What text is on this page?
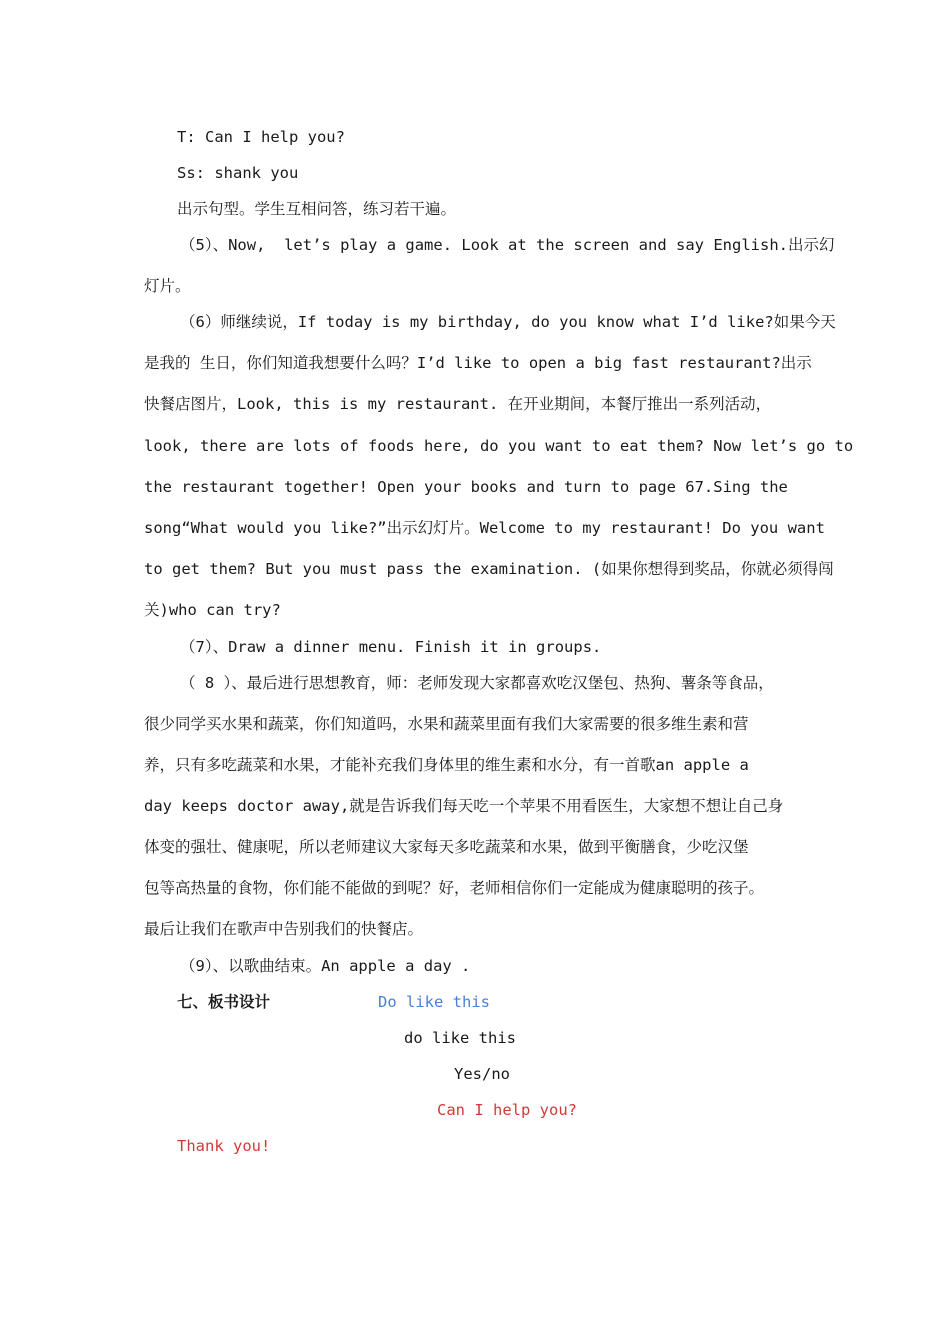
T: Can I help you?
Ss: shank you
出示句型。学生互相问答，练习若干遍。
（5）、Now,  let’s play a game. Look at the screen and say English.出示幻
灯片。
（6）师继续说，If today is my birthday, do you know what I’d like?如果今天
是我的 生日，你们知道我想要什么吗？I’d like to open a big fast restaurant?出示
快餐店图片，Look, this is my restaurant. 在开业期间，本餐厅推出一系列活动，
look, there are lots of foods here, do you want to eat them? Now let’s go to
the restaurant together! Open your books and turn to page 67.Sing the
song“What would you like?”出示幻灯片。Welcome to my restaurant! Do you want
to get them? But you must pass the examination. (如果你想得到奖品，你就必须得闯
关)who can try?
（7）、Draw a dinner menu. Finish it in groups.
（ 8 ）、最后进行思想教育，师：老师发现大家都喜欢吃汉堡包、热狗、薯条等食品，
很少同学买水果和蔬菜，你们知道吗，水果和蔬菜里面有我们大家需要的很多维生素和营
养，只有多吃蔬菜和水果，才能补充我们身体里的维生素和水分，有一首歌an apple a
day keeps doctor away,就是告诉我们每天吃一个苹果不用看医生，大家想不想让自己身
体变的强壮、健康呢，所以老师建议大家每天多吃蔬菜和水果，做到平衡膳食，少吃汉堡
包等高热量的食物，你们能不能做的到呢？好，老师相信你们一定能成为健康聪明的孩子。
最后让我们在歌声中告别我们的快餐店。
（9）、以歌曲结束。An apple a day .
七、板书设计	Do like this
do like this
Yes/no
Can I help you?
Thank you!
